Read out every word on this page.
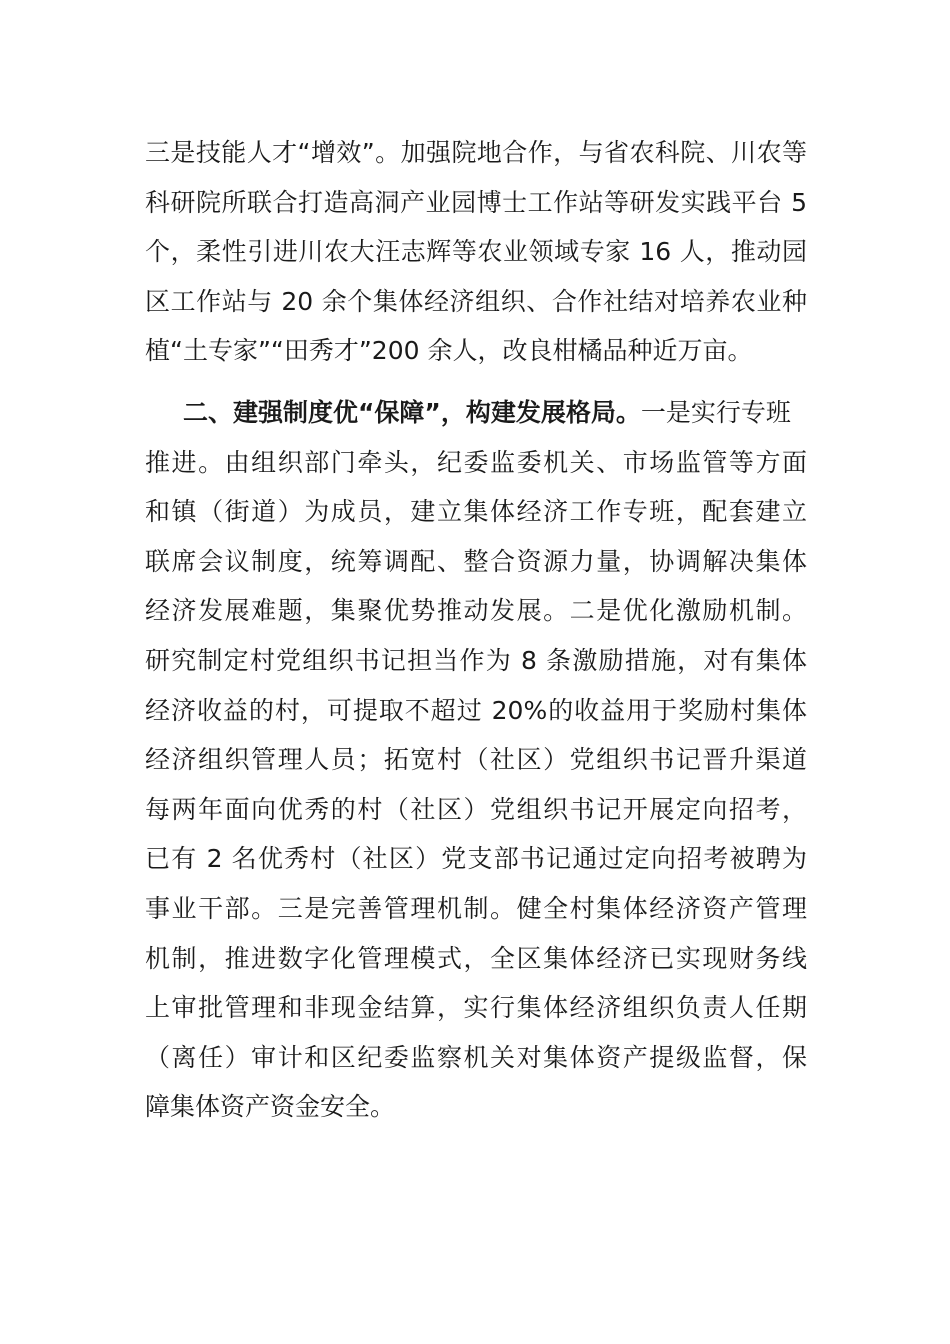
三是技能人才“增效”。加强院地合作，与省农科院、川农等
科研院所联合打造高洞产业园博士工作站等研发实践平台 5
个，柔性引进川农大汪志辉等农业领域专家 16 人，推动园
区工作站与 20 余个集体经济组织、合作社结对培养农业种
植“土专家”“田秀才”200 余人，改良柑橘品种近万亩。
二、建强制度优“保障”，构建发展格局。一是实行专班
推进。由组织部门牵头，纪委监委机关、市场监管等方面
和镇（街道）为成员，建立集体经济工作专班，配套建立
联席会议制度，统筹调配、整合资源力量，协调解决集体
经济发展难题，集聚优势推动发展。二是优化激励机制。
研究制定村党组织书记担当作为 8 条激励措施，对有集体
经济收益的村，可提取不超过 20%的收益用于奖励村集体
经济组织管理人员；拓宽村（社区）党组织书记晋升渠道
每两年面向优秀的村（社区）党组织书记开展定向招考，
已有 2 名优秀村（社区）党支部书记通过定向招考被聘为
事业干部。三是完善管理机制。健全村集体经济资产管理
机制，推进数字化管理模式，全区集体经济已实现财务线
上审批管理和非现金结算，实行集体经济组织负责人任期
（离任）审计和区纪委监察机关对集体资产提级监督，保
障集体资产资金安全。
